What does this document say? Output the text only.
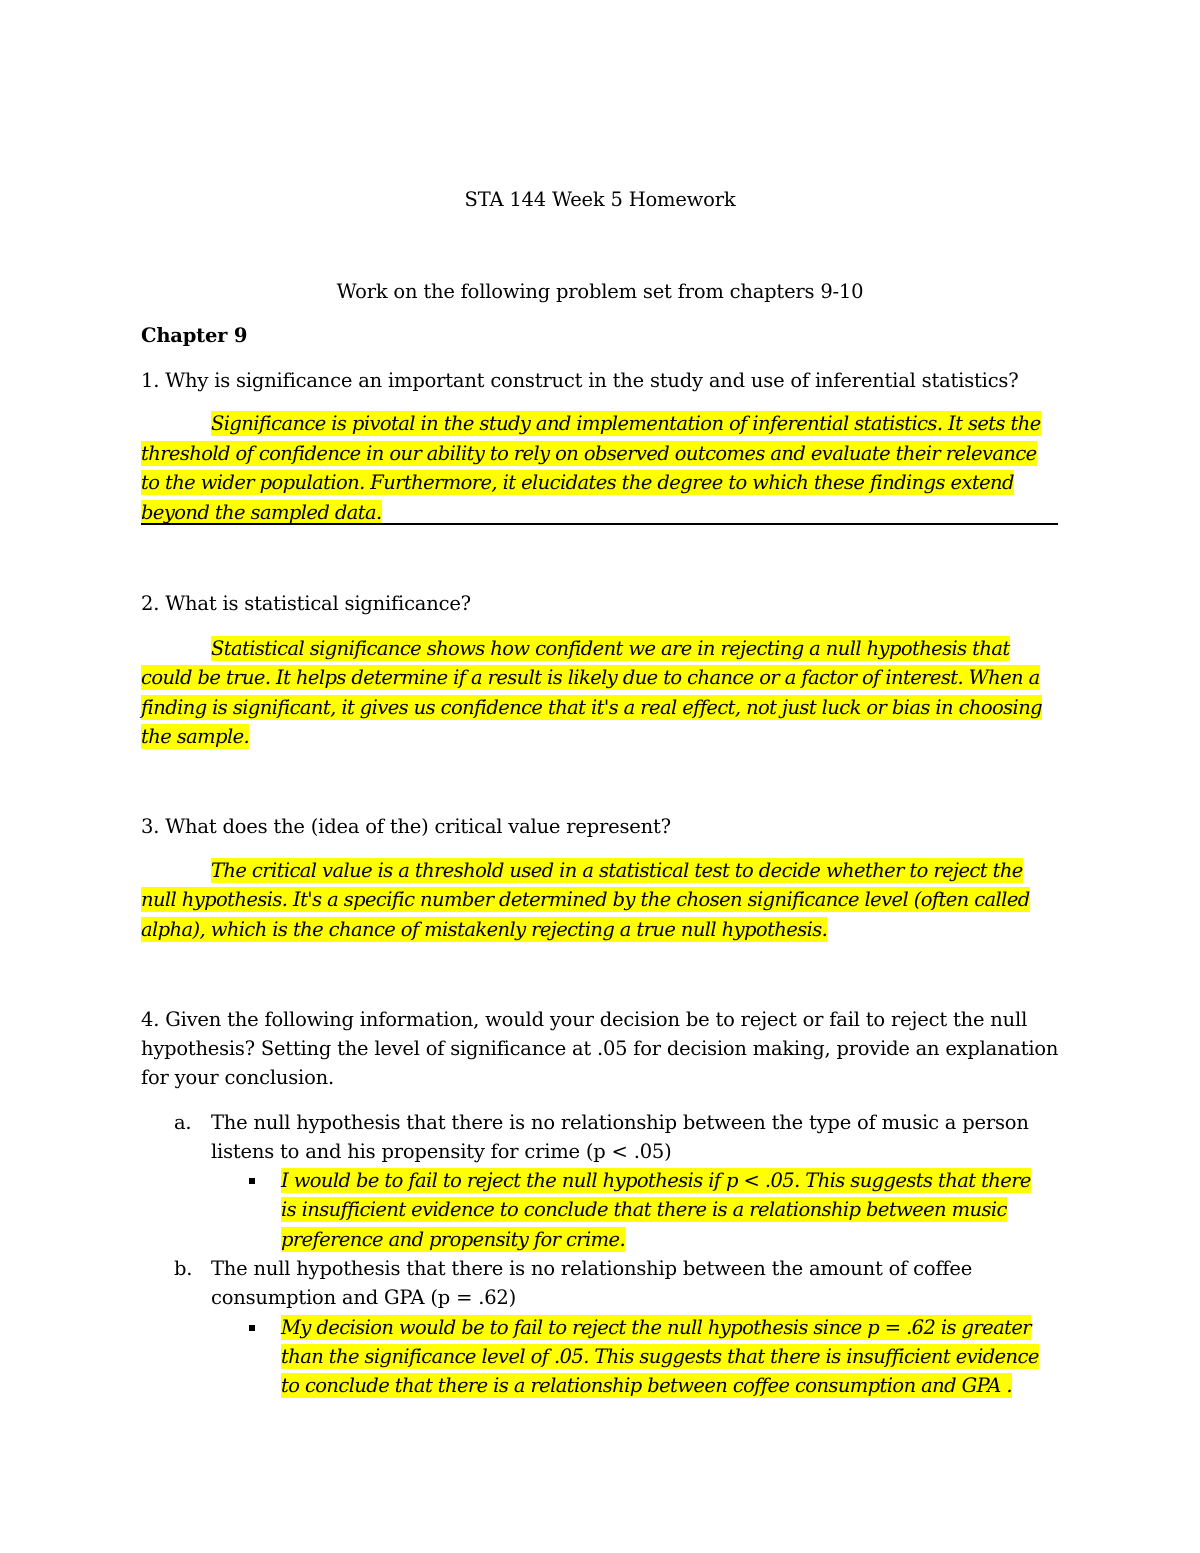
STA 144 Week 5 Homework
Work on the following problem set from chapters 9-10
Chapter 9
1. Why is significance an important construct in the study and use of inferential statistics?
Significance is pivotal in the study and implementation of inferential statistics. It sets the
threshold of confidence in our ability to rely on observed outcomes and evaluate their relevance
to the wider population. Furthermore, it elucidates the degree to which these findings extend
beyond the sampled data.
2. What is statistical significance?
Statistical significance shows how confident we are in rejecting a null hypothesis that
could be true. It helps determine if a result is likely due to chance or a factor of interest. When a
finding is significant, it gives us confidence that it's a real effect, not just luck or bias in choosing
the sample.
3. What does the (idea of the) critical value represent?
The critical value is a threshold used in a statistical test to decide whether to reject the
null hypothesis. It's a specific number determined by the chosen significance level (often called
alpha), which is the chance of mistakenly rejecting a true null hypothesis.
4. Given the following information, would your decision be to reject or fail to reject the null
hypothesis? Setting the level of significance at .05 for decision making, provide an explanation
for your conclusion.
a. The null hypothesis that there is no relationship between the type of music a person
listens to and his propensity for crime (p < .05)
I would be to fail to reject the null hypothesis if p < .05. This suggests that there
is insufficient evidence to conclude that there is a relationship between music
preference and propensity for crime.
b. The null hypothesis that there is no relationship between the amount of coffee
consumption and GPA (p = .62)
My decision would be to fail to reject the null hypothesis since p = .62 is greater
than the significance level of .05. This suggests that there is insufficient evidence
to conclude that there is a relationship between coffee consumption and GPA .
